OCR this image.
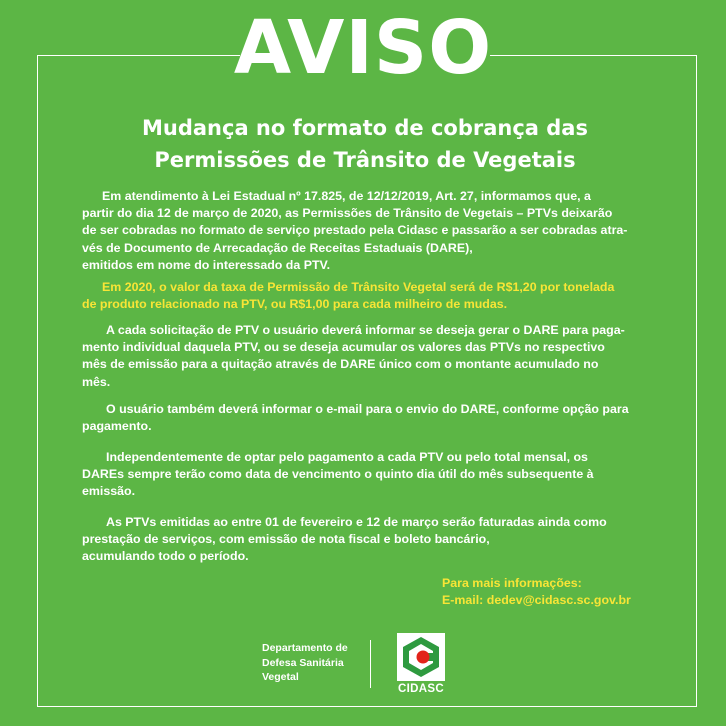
AVISO
Mudança no formato de cobrança das
Permissões de Trânsito de Vegetais
Em atendimento à Lei Estadual nº 17.825, de 12/12/2019, Art. 27, informamos que, a
partir do dia 12 de março de 2020, as Permissões de Trânsito de Vegetais – PTVs deixarão
de ser cobradas no formato de serviço prestado pela Cidasc e passarão a ser cobradas atra-
vés de Documento de Arrecadação de Receitas Estaduais (DARE),
emitidos em nome do interessado da PTV.
Em 2020, o valor da taxa de Permissão de Trânsito Vegetal será de R$1,20 por tonelada
de produto relacionado na PTV, ou R$1,00 para cada milheiro de mudas.
A cada solicitação de PTV o usuário deverá informar se deseja gerar o DARE para paga-
mento individual daquela PTV, ou se deseja acumular os valores das PTVs no respectivo
mês de emissão para a quitação através de DARE único com o montante acumulado no
mês.
O usuário também deverá informar o e-mail para o envio do DARE, conforme opção para
pagamento.
Independentemente de optar pelo pagamento a cada PTV ou pelo total mensal, os
DAREs sempre terão como data de vencimento o quinto dia útil do mês subsequente à
emissão.
As PTVs emitidas ao entre 01 de fevereiro e 12 de março serão faturadas ainda como
prestação de serviços, com emissão de nota fiscal e boleto bancário,
acumulando todo o período.
Para mais informações:
E-mail: dedev@cidasc.sc.gov.br
Departamento de
Defesa Sanitária
Vegetal
CIDASC
